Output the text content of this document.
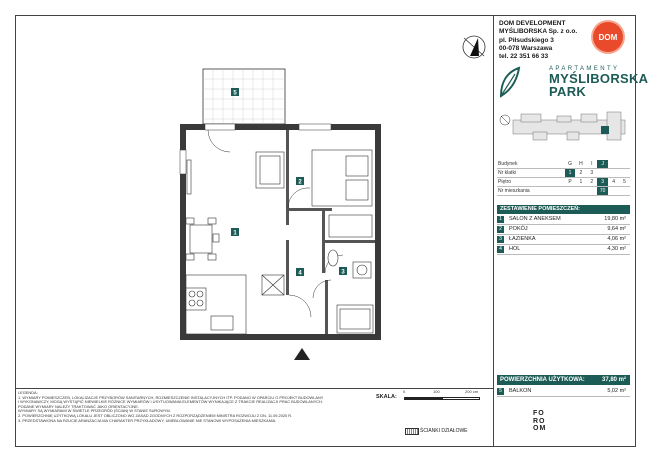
5
1
2
3
4
DOM DEVELOPMENT
MYŚLIBORSKA Sp. z o.o.
pl. Piłsudskiego 3
00-078 Warszawa
tel. 22 351 66 33
DOM
APARTAMENTY
MYŚLIBORSKA
PARK
Budynek	G	H	I	J		
Nr klatki	1	2	3			
Piętro	P	1	2	3	4	5
Nr mieszkania				70		
ZESTAWIENIE POMIESZCZEŃ:
1	SALON Z ANEKSEM	19,80 m²
2	POKÓJ	9,64 m²
3	ŁAZIENKA	4,06 m²
4	HOL	4,30 m²
POWIERZCHNIA UŻYTKOWA:	37,80 m²
5	BALKON	5,02 m²
LEGENDA:
1. WYMIARY POMIESZCZEŃ, LOKALIZACJE PRZYBORÓW SANITARNYCH, ROZMIESZCZENIE INSTALACYJNYCH ITP. PODANO W OPARCIU O PROJEKT BUDOWLANY
I WYKONAWCZY, MOGĄ WYSTĄPIĆ NIEWIELKIE RÓŻNICE WYMIARÓW I USYTUOWANIA ELEMENTÓW WYNIKAJĄCE Z TRAKCIE REALIZACJI PRAC BUDOWLANYCH.
PODANE WYMIARY NALEŻY TRAKTOWAĆ JAKO ORIENTACYJNE.
WYMIARY SĄ WYMIARAMI W ŚWIETLE PRZEGRÓD (ŚCIAN) W STANIE SUROWYM.
2. POWIERZCHNIĘ UŻYTKOWĄ LOKALU JEST OBLICZONO WG ZASAD ZGODNYCH Z ROZPORZĄDZENIEM MINISTRA ROZWOJU Z DN. 11.09.2020 R.
3. PRZEDSTAWIONA NA RZUCIE ARANŻACJA MA CHARAKTER PRZYKŁADOWY, UMEBLOWANIE NIE STANOWI WYPOSAŻENIA MIESZKANIA.
SKALA:
0	100	200 cm
ŚCIANKI DZIAŁOWE
FO
RO
OM
